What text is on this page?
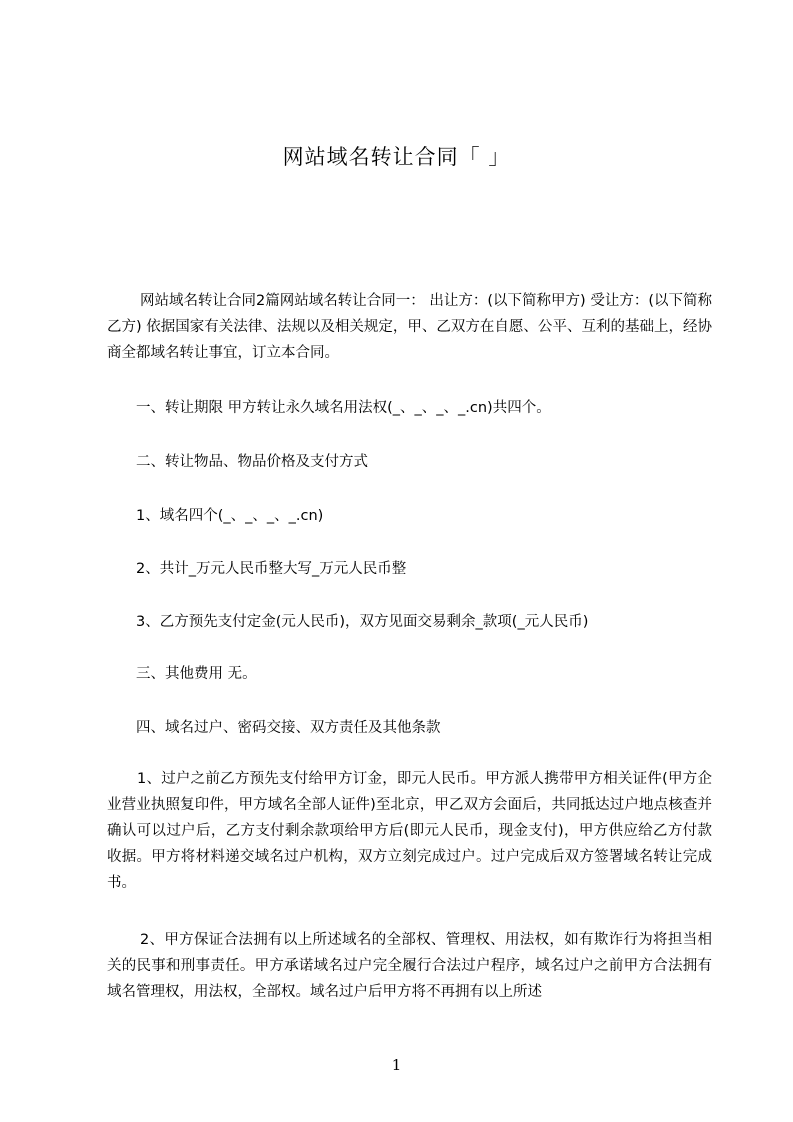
网站域名转让合同「 」

网站域名转让合同2篇网站域名转让合同一： 出让方：(以下简称甲方) 受让方：(以下简称乙方) 依据国家有关法律、法规以及相关规定，甲、乙双方在自愿、公平、互利的基础上，经协商全都域名转让事宜，订立本合同。

一、转让期限 甲方转让永久域名用法权(_、_、_、_.cn)共四个。

二、转让物品、物品价格及支付方式

1、域名四个(_、_、_、_.cn)

2、共计_万元人民币整大写_万元人民币整

3、乙方预先支付定金(元人民币)，双方见面交易剩余_款项(_元人民币)

三、其他费用 无。

四、域名过户、密码交接、双方责任及其他条款

1、过户之前乙方预先支付给甲方订金，即元人民币。甲方派人携带甲方相关证件(甲方企业营业执照复印件，甲方域名全部人证件)至北京，甲乙双方会面后，共同抵达过户地点核查并确认可以过户后，乙方支付剩余款项给甲方后(即元人民币，现金支付)，甲方供应给乙方付款收据。甲方将材料递交域名过户机构，双方立刻完成过户。过户完成后双方签署域名转让完成书。

2、甲方保证合法拥有以上所述域名的全部权、管理权、用法权，如有欺诈行为将担当相关的民事和刑事责任。甲方承诺域名过户完全履行合法过户程序，域名过户之前甲方合法拥有域名管理权，用法权，全部权。域名过户后甲方将不再拥有以上所述

1
